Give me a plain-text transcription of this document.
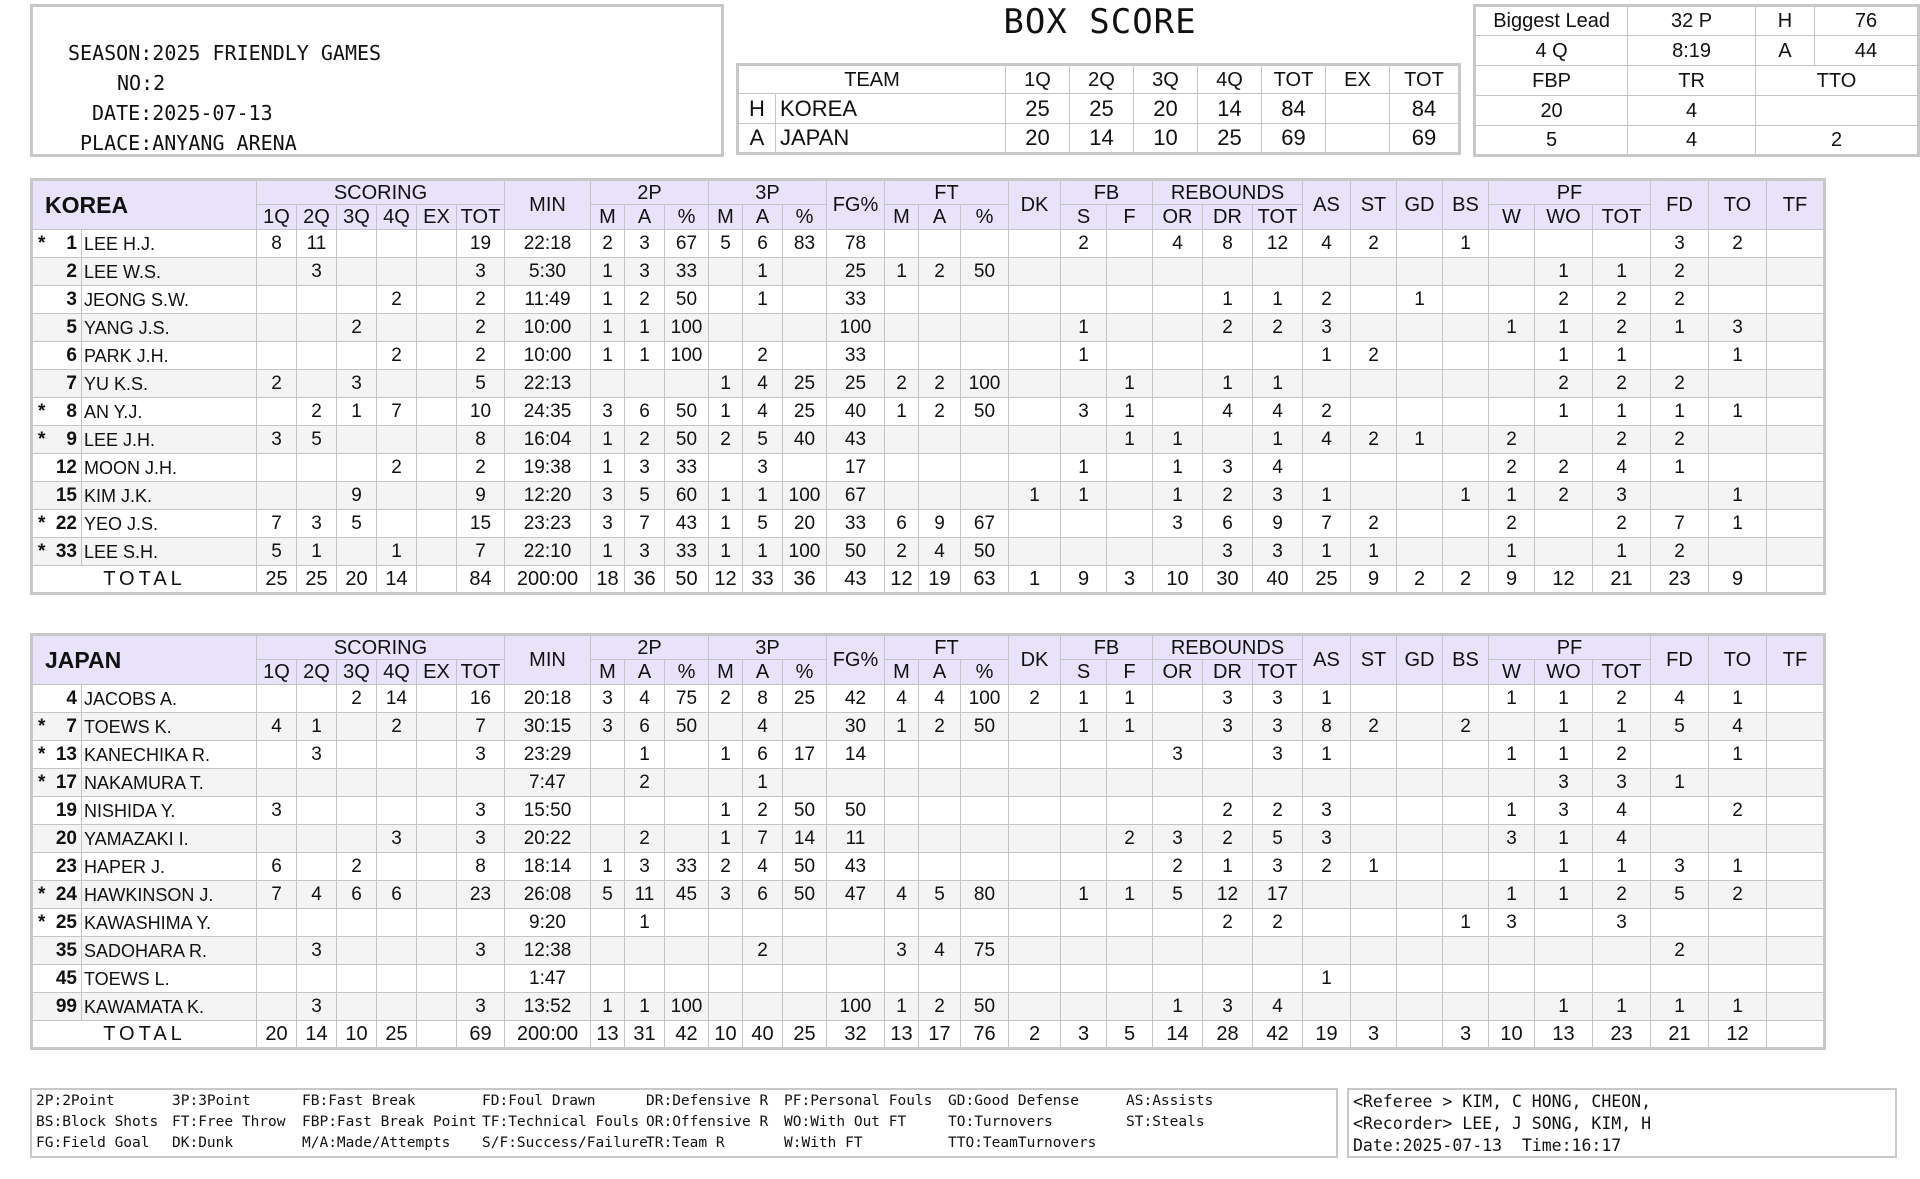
SEASON:2025 FRIENDLY GAMES
NO:2
DATE:2025-07-13
PLACE:ANYANG ARENA
BOX SCORE
TEAM		1Q	2Q	3Q	4Q	TOT	EX	TOT
H	KOREA	25	25	20	14	84		84
A	JAPAN	20	14	10	25	69		69
Biggest Lead	32 P	H	76
4 Q	8:19	A	44
FBP	TR	TTO	
20	4		
5	4	2	
KOREA		SCORING						MIN	2P			3P			FG%	FT			DK	FB		REBOUNDS			AS	ST	GD	BS	PF			FD	TO	TF
		1Q	2Q	3Q	4Q	EX	TOT		M	A	%	M	A	%		M	A	%		S	F	OR	DR	TOT					W	WO	TOT			

* 1	LEE H.J.	8	11				19	22:18	2	3	67	5	6	83	78					2		4	8	12	4	2		1				3	2	

2	LEE W.S.		3				3	5:30	1	3	33		1		25	1	2	50												1	1	2		

3	JEONG S.W.				2		2	11:49	1	2	50		1		33								1	1	2		1			2	2	2		

5	YANG J.S.			2			2	10:00	1	1	100				100					1			2	2	3				1	1	2	1	3	

6	PARK J.H.				2		2	10:00	1	1	100		2		33					1					1	2				1	1		1	

7	YU K.S.	2		3			5	22:13				1	4	25	25	2	2	100			1		1	1						2	2	2		

* 8	AN Y.J.		2	1	7		10	24:35	3	6	50	1	4	25	40	1	2	50		3	1		4	4	2					1	1	1	1	

* 9	LEE J.H.	3	5				8	16:04	1	2	50	2	5	40	43						1	1		1	4	2	1		2		2	2		

12	MOON J.H.				2		2	19:38	1	3	33		3		17					1		1	3	4					2	2	4	1		

15	KIM J.K.			9			9	12:20	3	5	60	1	1	100	67				1	1		1	2	3	1			1	1	2	3		1	

* 22	YEO J.S.	7	3	5			15	23:23	3	7	43	1	5	20	33	6	9	67				3	6	9	7	2			2		2	7	1	

* 33	LEE S.H.	5	1		1		7	22:10	1	3	33	1	1	100	50	2	4	50					3	3	1	1			1		1	2		
TOTAL		25	25	20	14		84	200:00	18	36	50	12	33	36	43	12	19	63	1	9	3	10	30	40	25	9	2	2	9	12	21	23	9	
JAPAN		SCORING						MIN	2P			3P			FG%	FT			DK	FB		REBOUNDS			AS	ST	GD	BS	PF			FD	TO	TF
		1Q	2Q	3Q	4Q	EX	TOT		M	A	%	M	A	%		M	A	%		S	F	OR	DR	TOT					W	WO	TOT			

4	JACOBS A.			2	14		16	20:18	3	4	75	2	8	25	42	4	4	100	2	1	1		3	3	1				1	1	2	4	1	

* 7	TOEWS K.	4	1		2		7	30:15	3	6	50		4		30	1	2	50		1	1		3	3	8	2		2		1	1	5	4	

* 13	KANECHIKA R.		3				3	23:29		1		1	6	17	14							3		3	1				1	1	2		1	

* 17	NAKAMURA T.							7:47		2			1																	3	3	1		

19	NISHIDA Y.	3					3	15:50				1	2	50	50								2	2	3				1	3	4		2	

20	YAMAZAKI I.				3		3	20:22		2		1	7	14	11						2	3	2	5	3				3	1	4			

23	HAPER J.	6		2			8	18:14	1	3	33	2	4	50	43							2	1	3	2	1				1	1	3	1	

* 24	HAWKINSON J.	7	4	6	6		23	26:08	5	11	45	3	6	50	47	4	5	80		1	1	5	12	17					1	1	2	5	2	

* 25	KAWASHIMA Y.							9:20		1													2	2				1	3		3			

35	SADOHARA R.		3				3	12:38					2			3	4	75														2		

45	TOEWS L.							1:47																	1									

99	KAWAMATA K.		3				3	13:52	1	1	100				100	1	2	50				1	3	4						1	1	1	1	
TOTAL		20	14	10	25		69	200:00	13	31	42	10	40	25	32	13	17	76	2	3	5	14	28	42	19	3		3	10	13	23	21	12	
2P:2Point	3P:3Point	FB:Fast Break	FD:Foul Drawn	DR:Defensive R PF:Personal Fouls GD:Good Defense	AS:Assists
BS:Block Shots FT:Free Throw FBP:Fast Break Point TF:Technical Fouls OR:Offensive R WO:With Out FT	TO:Turnovers	ST:Steals
FG:Field Goal DK:Dunk	M/A:Made/Attempts S/F:Success/Failure
TR:Team R	W:With FT	TTO:TeamTurnovers
<Referee > KIM, C HONG, CHEON,
<Recorder> LEE, J SONG, KIM, H
Date:2025-07-13  Time:16:17
